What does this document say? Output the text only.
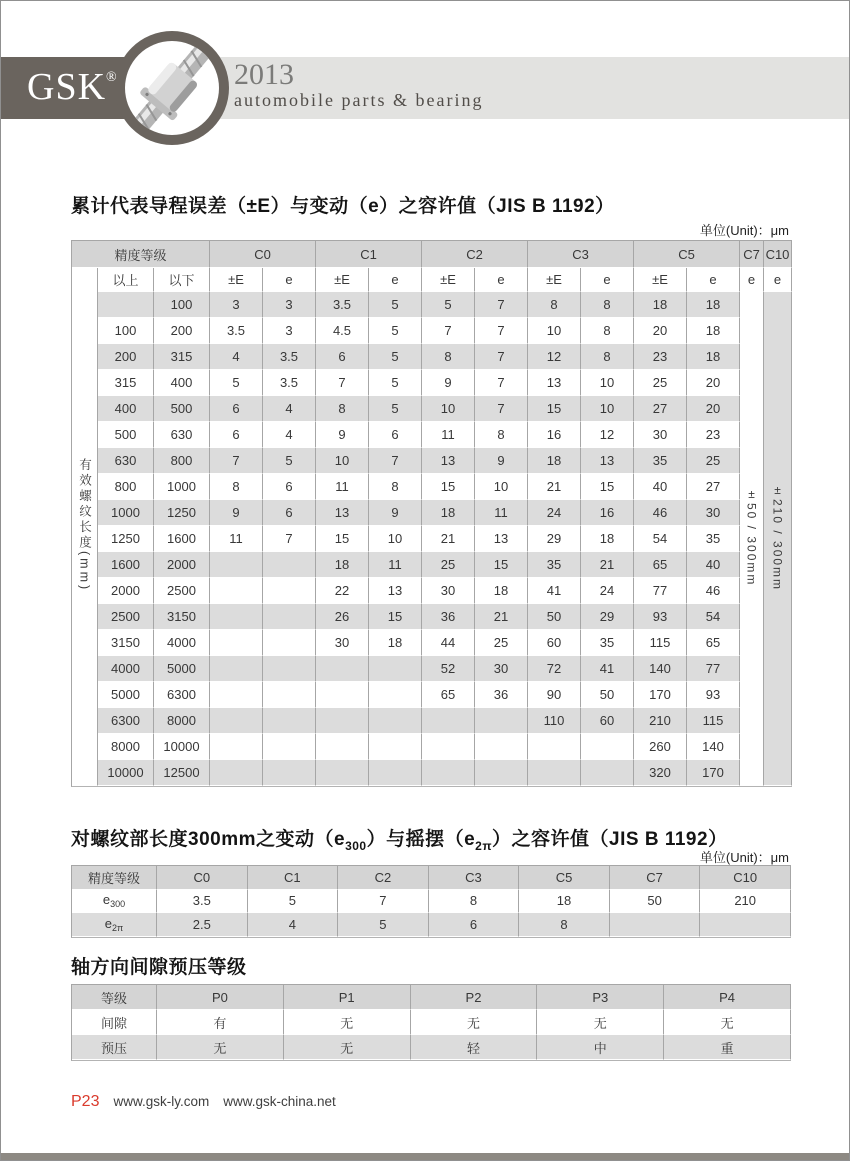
GSK®	2013
automobile parts & bearing
累计代表导程误差（±E）与变动（e）之容许值（JIS B 1192）
单位(Unit)：μm
精度等级			C0		C1		C2		C3		C5		C7	C10
有效螺纹长度(mm)	以上	以下	±E	e	±E	e	±E	e	±E	e	±E	e	e	e
		100	3	3	3.5	5	5	7	8	8	18	18	±50 / 300mm	±210 / 300mm
	100	200	3.5	3	4.5	5	7	7	10	8	20	18		
	200	315	4	3.5	6	5	8	7	12	8	23	18		
	315	400	5	3.5	7	5	9	7	13	10	25	20		
	400	500	6	4	8	5	10	7	15	10	27	20		
	500	630	6	4	9	6	11	8	16	12	30	23		
	630	800	7	5	10	7	13	9	18	13	35	25		
	800	1000	8	6	11	8	15	10	21	15	40	27		
	1000	1250	9	6	13	9	18	11	24	16	46	30		
	1250	1600	11	7	15	10	21	13	29	18	54	35		
	1600	2000			18	11	25	15	35	21	65	40		
	2000	2500			22	13	30	18	41	24	77	46		
	2500	3150			26	15	36	21	50	29	93	54		
	3150	4000			30	18	44	25	60	35	115	65		
	4000	5000					52	30	72	41	140	77		
	5000	6300					65	36	90	50	170	93		
	6300	8000							110	60	210	115		
	8000	10000									260	140		
	10000	12500									320	170		
对螺纹部长度300mm之变动$(e_{300})$与摇摆$(e_{2\pi})$之容许值（JIS B 1192）
单位(Unit)：μm
精度等级	C0	C1	C2	C3	C5	C7	C10
$e_{300}$	3.5	5	7	8	18	50	210
$e_{2\pi}$	2.5	4	5	6	8		
轴方向间隙预压等级
等级	P0	P1	P2	P3	P4
间隙	有	无	无	无	无
预压	无	无	轻	中	重
P23 www.gsk-ly.com www.gsk-china.net
